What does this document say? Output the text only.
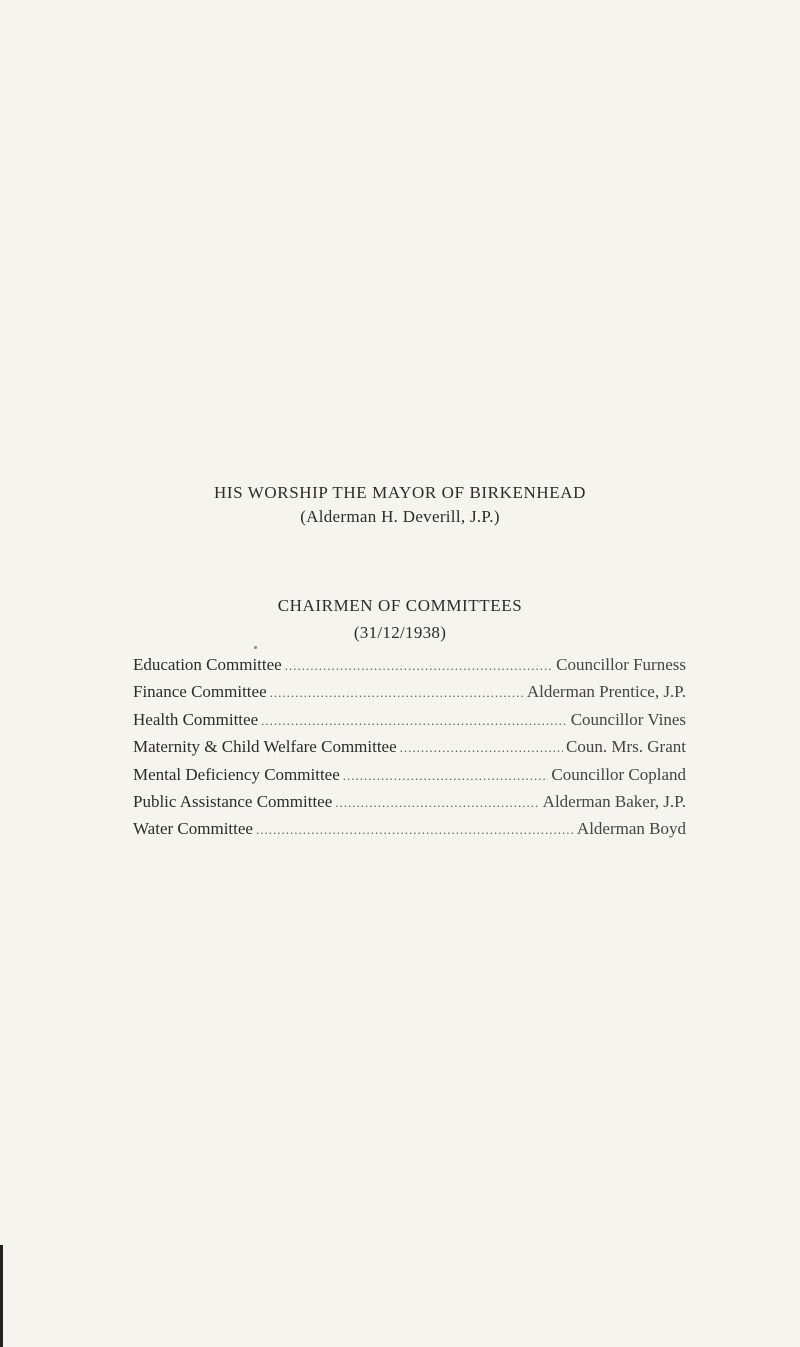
HIS WORSHIP THE MAYOR OF BIRKENHEAD
(Alderman H. Deverill, J.P.)
CHAIRMEN OF COMMITTEES
(31/12/1938)
Education Committee .....	Councillor Furness
Finance Committee .....	Alderman Prentice, J.P.
Health Committee .....	Councillor Vines
Maternity & Child Welfare Committee .....	Coun. Mrs. Grant
Mental Deficiency Committee .....	Councillor Copland
Public Assistance Committee .....	Alderman Baker, J.P.
Water Committee .....	Alderman Boyd
